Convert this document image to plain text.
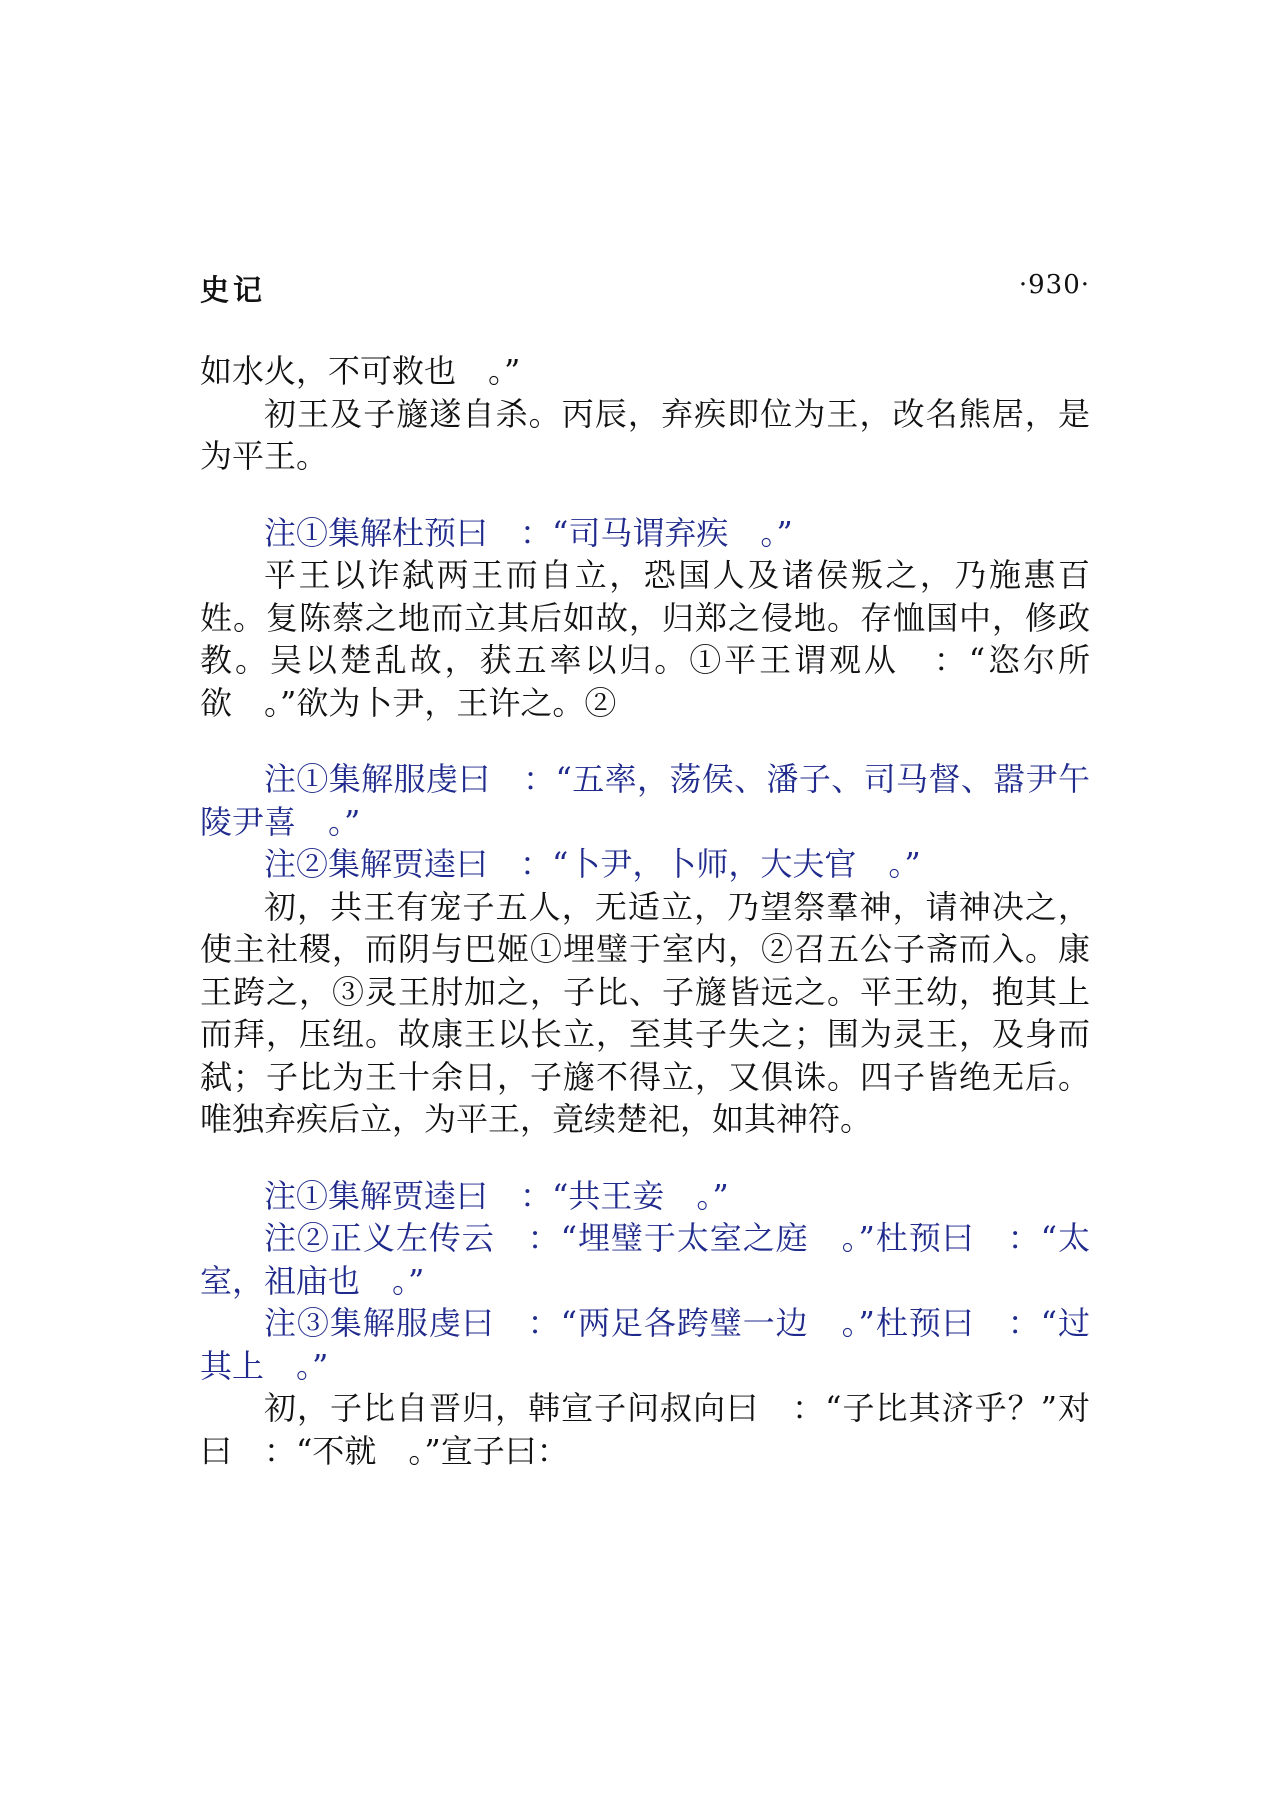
史记	·930·
如水火，不可救也　。”
初王及子旞遂自杀。丙辰，弃疾即位为王，改名熊居，是为平王。
注①集解杜预曰　：“司马谓弃疾　。”
平王以诈弑两王而自立，恐国人及诸侯叛之，乃施惠百姓。复陈蔡之地而立其后如故，归郑之侵地。存恤国中，修政教。吴以楚乱故，获五率以归。①平王谓观从　：“恣尔所欲　。”欲为卜尹，王许之。②
注①集解服虔曰　：“五率，荡侯、潘子、司马督、嚣尹午陵尹喜　。”
注②集解贾逵曰　：“卜尹，卜师，大夫官　。”
初，共王有宠子五人，无适立，乃望祭羣神，请神决之，使主社稷，而阴与巴姬①埋璧于室内，②召五公子斋而入。康王跨之，③灵王肘加之，子比、子旞皆远之。平王幼，抱其上而拜，压纽。故康王以长立，至其子失之；围为灵王，及身而弑；子比为王十余日，子旞不得立，又俱诛。四子皆绝无后。唯独弃疾后立，为平王，竟续楚祀，如其神符。
注①集解贾逵曰　：“共王妾　。”
注②正义左传云　：“埋璧于太室之庭　。”杜预曰　：“太室，祖庙也　。”
注③集解服虔曰　：“两足各跨璧一边　。”杜预曰　：“过其上　。”
初，子比自晋归，韩宣子问叔向曰　：“子比其济乎？”对曰　：“不就　。”宣子曰：
